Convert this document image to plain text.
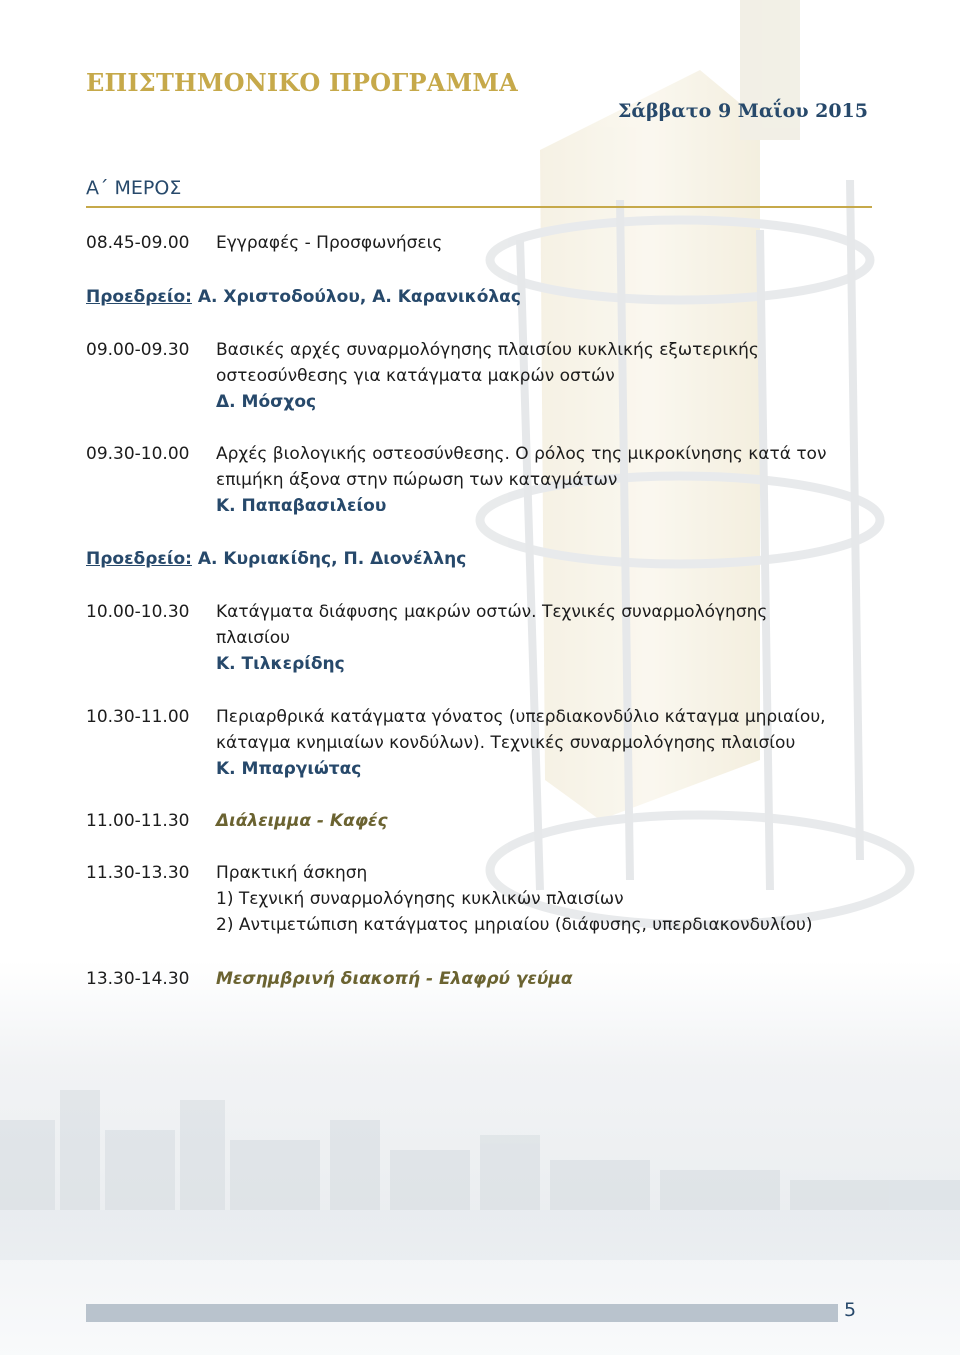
ΕΠΙΣΤΗΜΟΝΙΚΟ ΠΡΟΓΡΑΜΜΑ
Σάββατο 9 Μαΐου 2015
Α΄ ΜΕΡΟΣ
08.45-09.00	Εγγραφές - Προσφωνήσεις
Προεδρείο: Α. Χριστοδούλου, Α. Καρανικόλας
09.00-09.30	Βασικές αρχές συναρμολόγησης πλαισίου κυκλικής εξωτερικής
οστεοσύνθεσης για κατάγματα μακρών οστών
Δ. Μόσχος
09.30-10.00	Αρχές βιολογικής οστεοσύνθεσης. Ο ρόλος της μικροκίνησης κατά τον
επιμήκη άξονα στην πώρωση των καταγμάτων
Κ. Παπαβασιλείου
Προεδρείο: Α. Κυριακίδης, Π. Διονέλλης
10.00-10.30	Κατάγματα διάφυσης μακρών οστών. Τεχνικές συναρμολόγησης
πλαισίου
Κ. Τιλκερίδης
10.30-11.00	Περιαρθρικά κατάγματα γόνατος (υπερδιακονδύλιο κάταγμα μηριαίου,
κάταγμα κνημιαίων κονδύλων). Τεχνικές συναρμολόγησης πλαισίου
Κ. Μπαργιώτας
11.00-11.30	Διάλειμμα - Καφές
11.30-13.30	Πρακτική άσκηση
1) Τεχνική συναρμολόγησης κυκλικών πλαισίων
2) Αντιμετώπιση κατάγματος μηριαίου (διάφυσης, υπερδιακονδυλίου)
13.30-14.30	Μεσημβρινή διακοπή - Ελαφρύ γεύμα
5
